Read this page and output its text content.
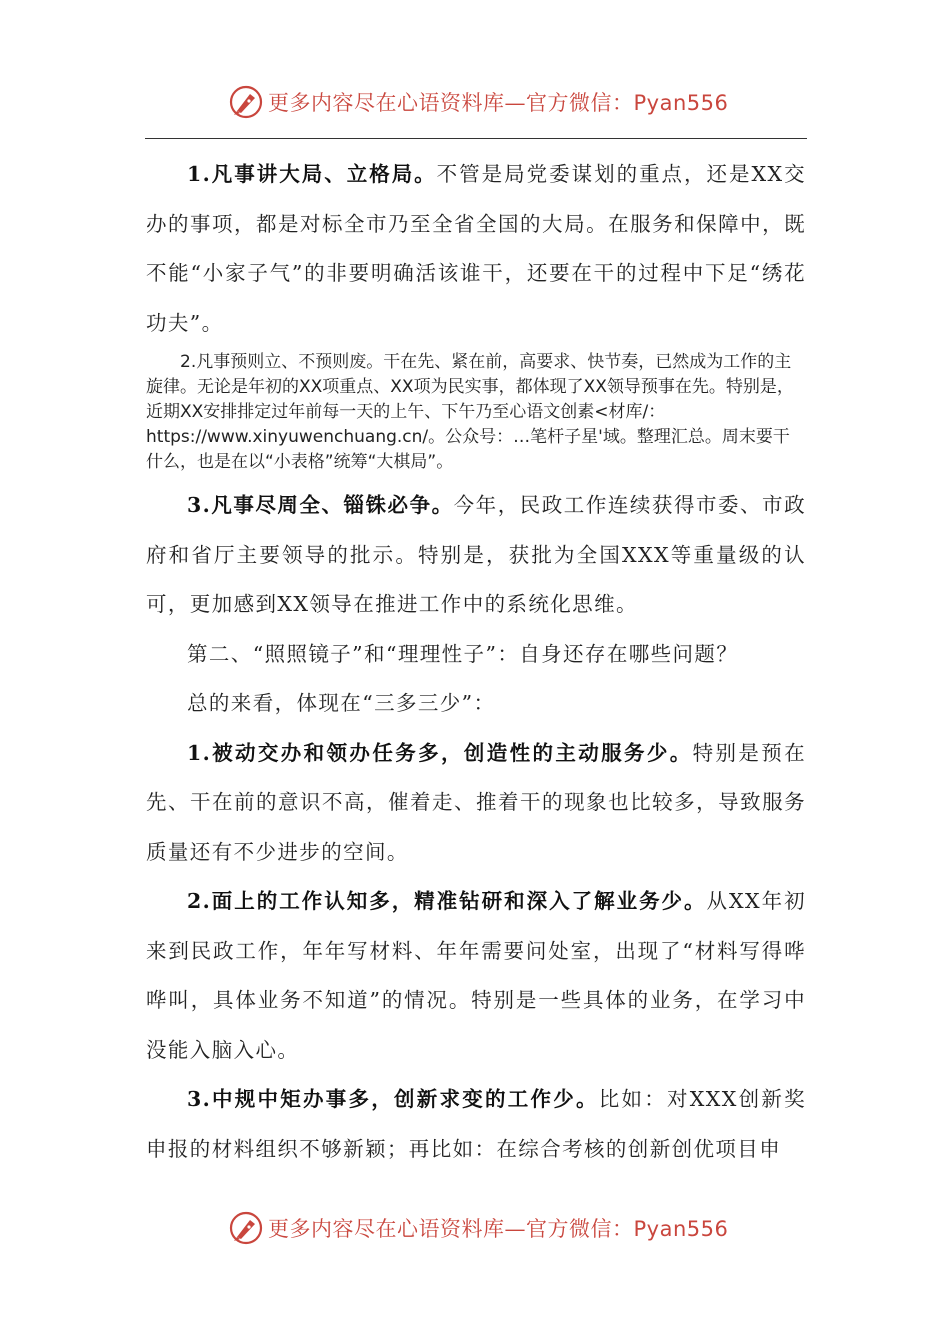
更多内容尽在心语资料库—官方微信：Pyan556

1.凡事讲大局、立格局。不管是局党委谋划的重点，还是XX交办的事项，都是对标全市乃至全省全国的大局。在服务和保障中，既不能“小家子气”的非要明确活该谁干，还要在干的过程中下足“绣花功夫”。

2.凡事预则立、不预则废。干在先、紧在前，高要求、快节奏，已然成为工作的主旋律。无论是年初的XX项重点、XX项为民实事，都体现了XX领导预事在先。特别是，近期XX安排排定过年前每一天的上午、下午乃至心语文创素<材库/：https://www.xinyuwenchuang.cn/。公众号：…笔杆子星'域。整理汇总。周末要干什么，也是在以“小表格”统筹“大棋局”。

3.凡事尽周全、锱铢必争。今年，民政工作连续获得市委、市政府和省厅主要领导的批示。特别是，获批为全国XXX等重量级的认可，更加感到XX领导在推进工作中的系统化思维。

第二、“照照镜子”和“理理性子”：自身还存在哪些问题？

总的来看，体现在“三多三少”：

1.被动交办和领办任务多，创造性的主动服务少。特别是预在先、干在前的意识不高，催着走、推着干的现象也比较多，导致服务质量还有不少进步的空间。

2.面上的工作认知多，精准钻研和深入了解业务少。从XX年初来到民政工作，年年写材料、年年需要问处室，出现了“材料写得哗哗叫，具体业务不知道”的情况。特别是一些具体的业务，在学习中没能入脑入心。

3.中规中矩办事多，创新求变的工作少。比如：对XXX创新奖申报的材料组织不够新颖；再比如：在综合考核的创新创优项目申

更多内容尽在心语资料库—官方微信：Pyan556
